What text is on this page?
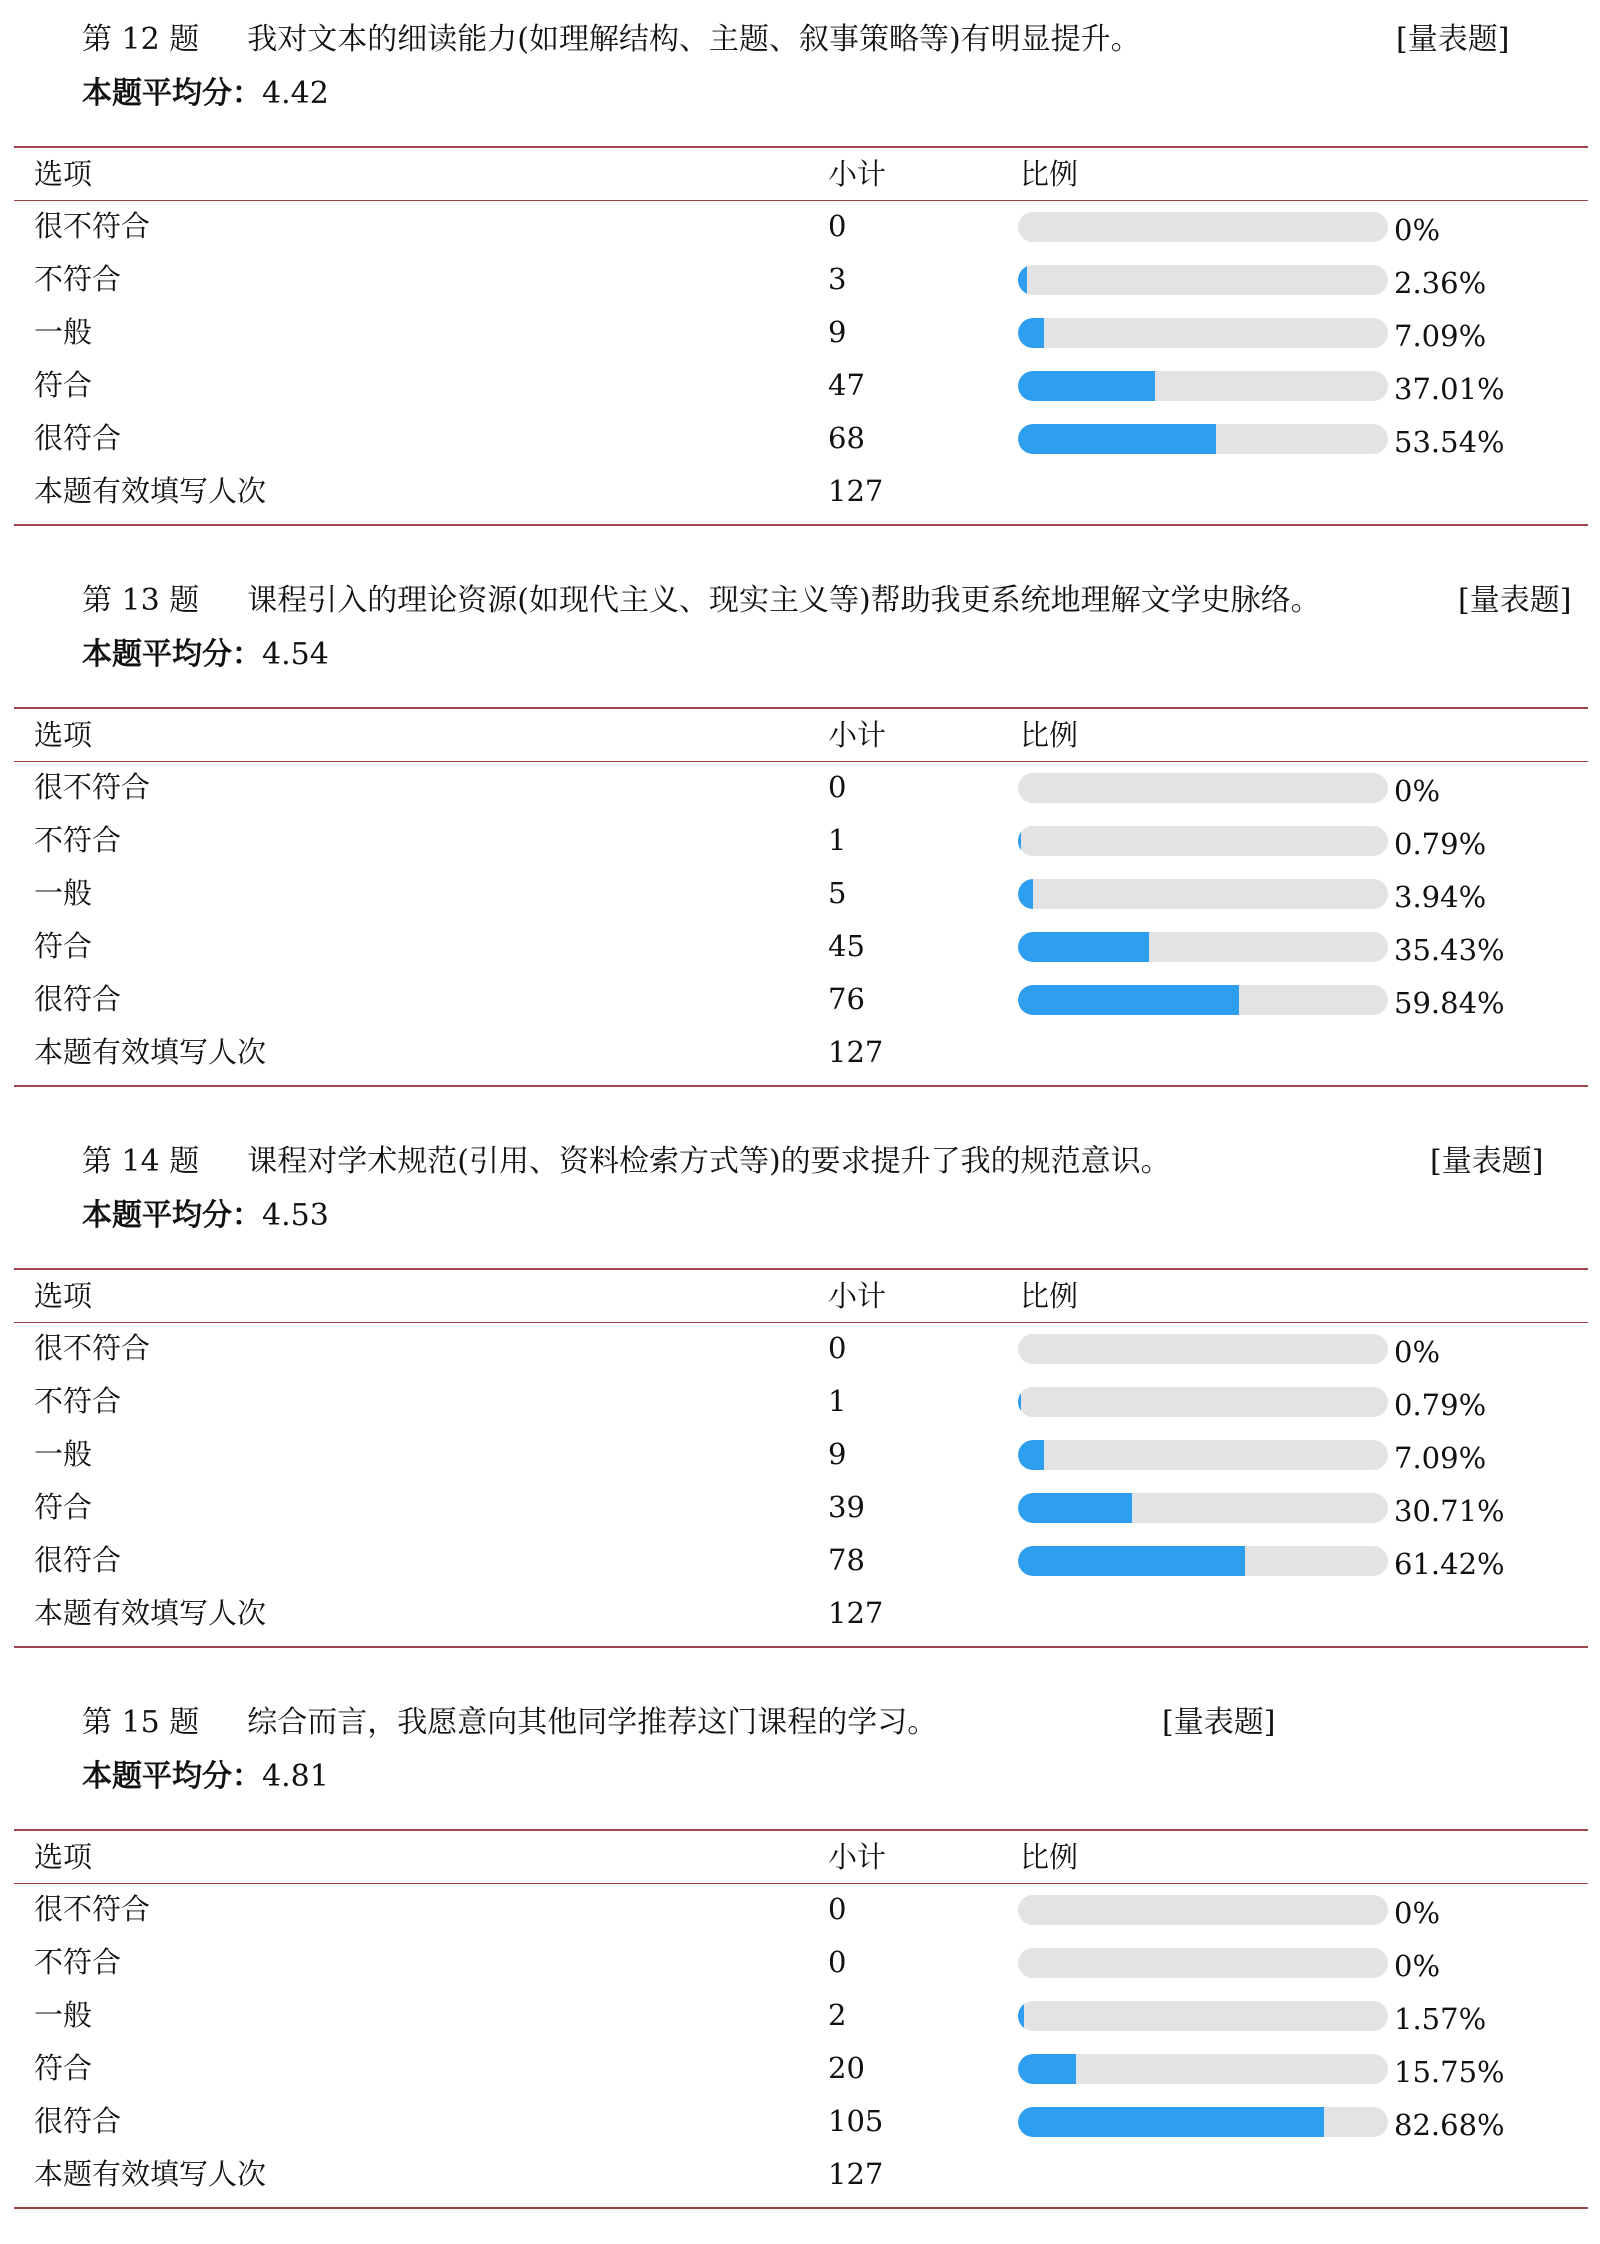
第 12 题 我对文本的细读能力(如理解结构、主题、叙事策略等)有明显提升。	[量表题]
本题平均分：4.42
选项	小计	比例
很不符合	0	0%
不符合	3	2.36%
一般	9	7.09%
符合	47	37.01%
很符合	68	53.54%
本题有效填写人次	127
第 13 题 课程引入的理论资源(如现代主义、现实主义等)帮助我更系统地理解文学史脉络。	[量表题]
本题平均分：4.54
选项	小计	比例
很不符合	0	0%
不符合	1	0.79%
一般	5	3.94%
符合	45	35.43%
很符合	76	59.84%
本题有效填写人次	127
第 14 题 课程对学术规范(引用、资料检索方式等)的要求提升了我的规范意识。	[量表题]
本题平均分：4.53
选项	小计	比例
很不符合	0	0%
不符合	1	0.79%
一般	9	7.09%
符合	39	30.71%
很符合	78	61.42%
本题有效填写人次	127
第 15 题 综合而言，我愿意向其他同学推荐这门课程的学习。	[量表题]
本题平均分：4.81
选项	小计	比例
很不符合	0	0%
不符合	0	0%
一般	2	1.57%
符合	20	15.75%
很符合	105	82.68%
本题有效填写人次	127
